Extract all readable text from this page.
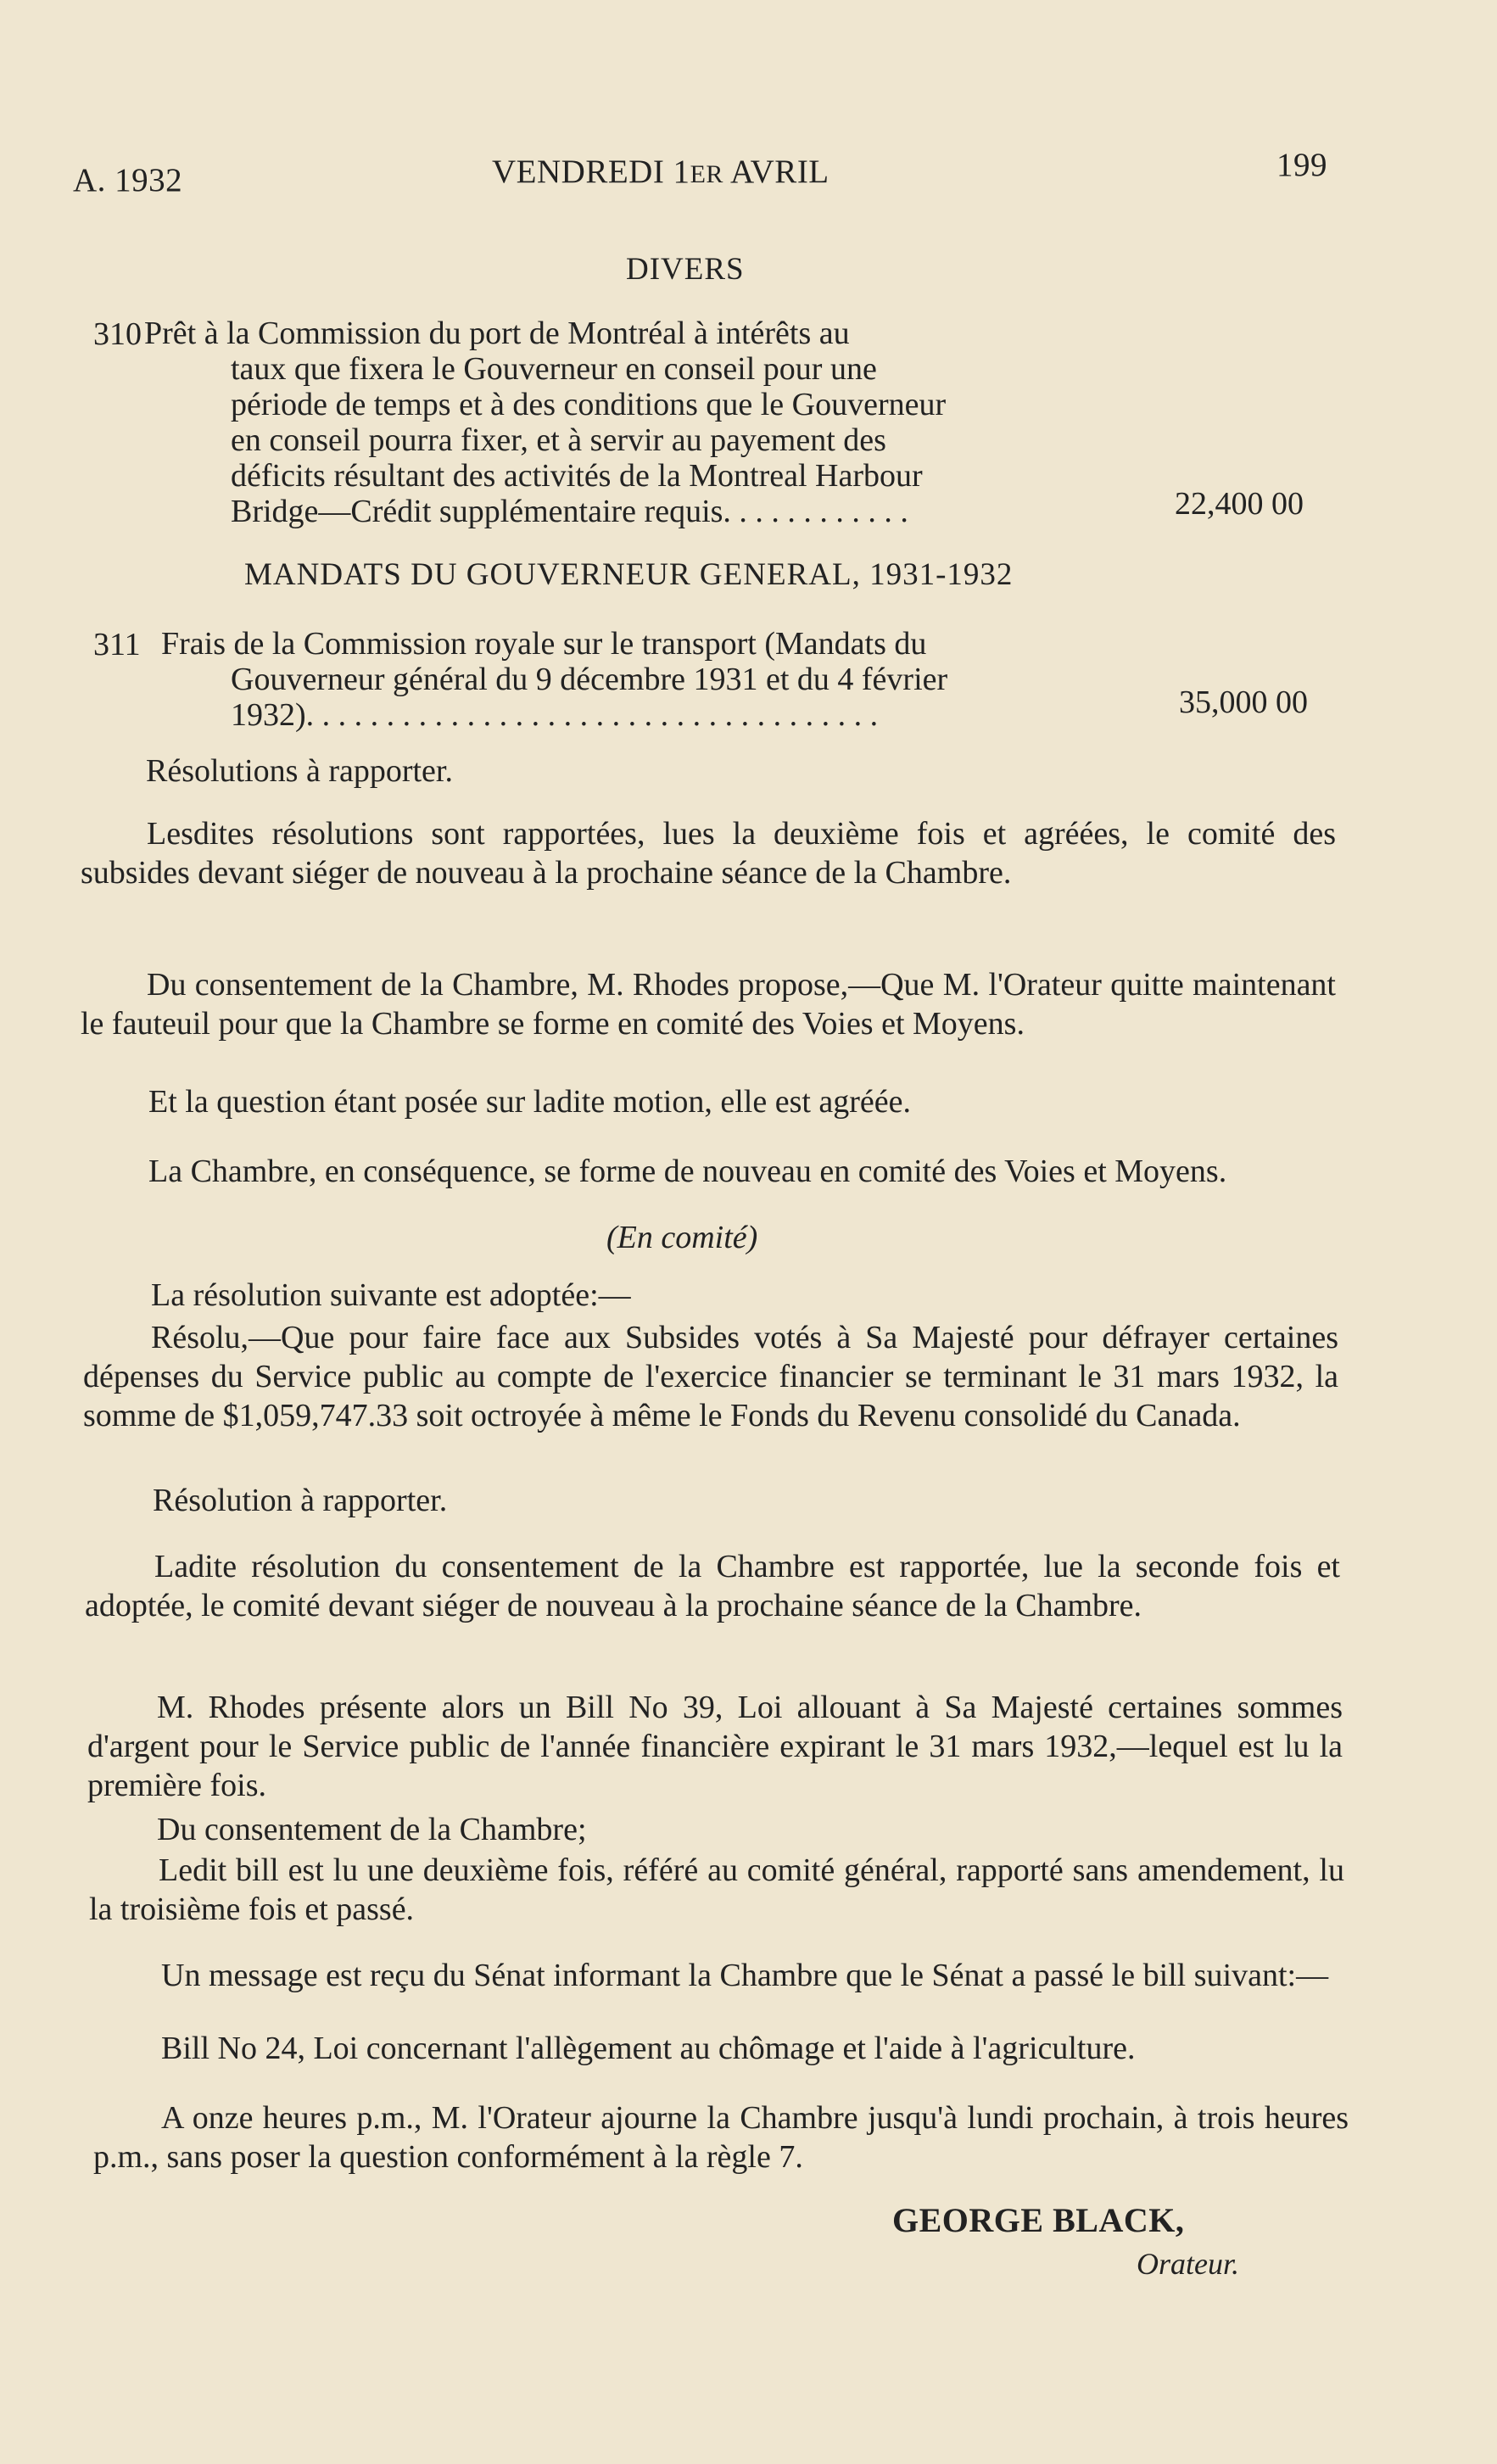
A. 1932	VENDREDI 1ER AVRIL	199
DIVERS
310 Prêt à la Commission du port de Montréal à intérêts au
taux que fixera le Gouverneur en conseil pour une
période de temps et à des conditions que le Gouverneur
en conseil pourra fixer, et à servir au payement des
déficits résultant des activités de la Montreal Harbour
Bridge—Crédit supplémentaire requis. . . . . . . . . . . .	22,400 00
MANDATS DU GOUVERNEUR GENERAL, 1931-1932
311 Frais de la Commission royale sur le transport (Mandats du
Gouverneur général du 9 décembre 1931 et du 4 février
1932). . . . . . . . . . . . . . . . . . . . . . . . . . . . . . . . . . . .	35,000 00
Résolutions à rapporter.
Lesdites résolutions sont rapportées, lues la deuxième fois et agréées, le comité des subsides devant siéger de nouveau à la prochaine séance de la Chambre.
Du consentement de la Chambre, M. Rhodes propose,—Que M. l'Orateur quitte maintenant le fauteuil pour que la Chambre se forme en comité des Voies et Moyens.
Et la question étant posée sur ladite motion, elle est agréée.
La Chambre, en conséquence, se forme de nouveau en comité des Voies et Moyens.
(En comité)
La résolution suivante est adoptée:—
Résolu,—Que pour faire face aux Subsides votés à Sa Majesté pour défrayer certaines dépenses du Service public au compte de l'exercice financier se terminant le 31 mars 1932, la somme de $1,059,747.33 soit octroyée à même le Fonds du Revenu consolidé du Canada.
Résolution à rapporter.
Ladite résolution du consentement de la Chambre est rapportée, lue la seconde fois et adoptée, le comité devant siéger de nouveau à la prochaine séance de la Chambre.
M. Rhodes présente alors un Bill No 39, Loi allouant à Sa Majesté certaines sommes d'argent pour le Service public de l'année financière expirant le 31 mars 1932,—lequel est lu la première fois.
Du consentement de la Chambre;
Ledit bill est lu une deuxième fois, référé au comité général, rapporté sans amendement, lu la troisième fois et passé.
Un message est reçu du Sénat informant la Chambre que le Sénat a passé le bill suivant:—
Bill No 24, Loi concernant l'allègement au chômage et l'aide à l'agriculture.
A onze heures p.m., M. l'Orateur ajourne la Chambre jusqu'à lundi prochain, à trois heures p.m., sans poser la question conformément à la règle 7.
GEORGE BLACK,
Orateur.
